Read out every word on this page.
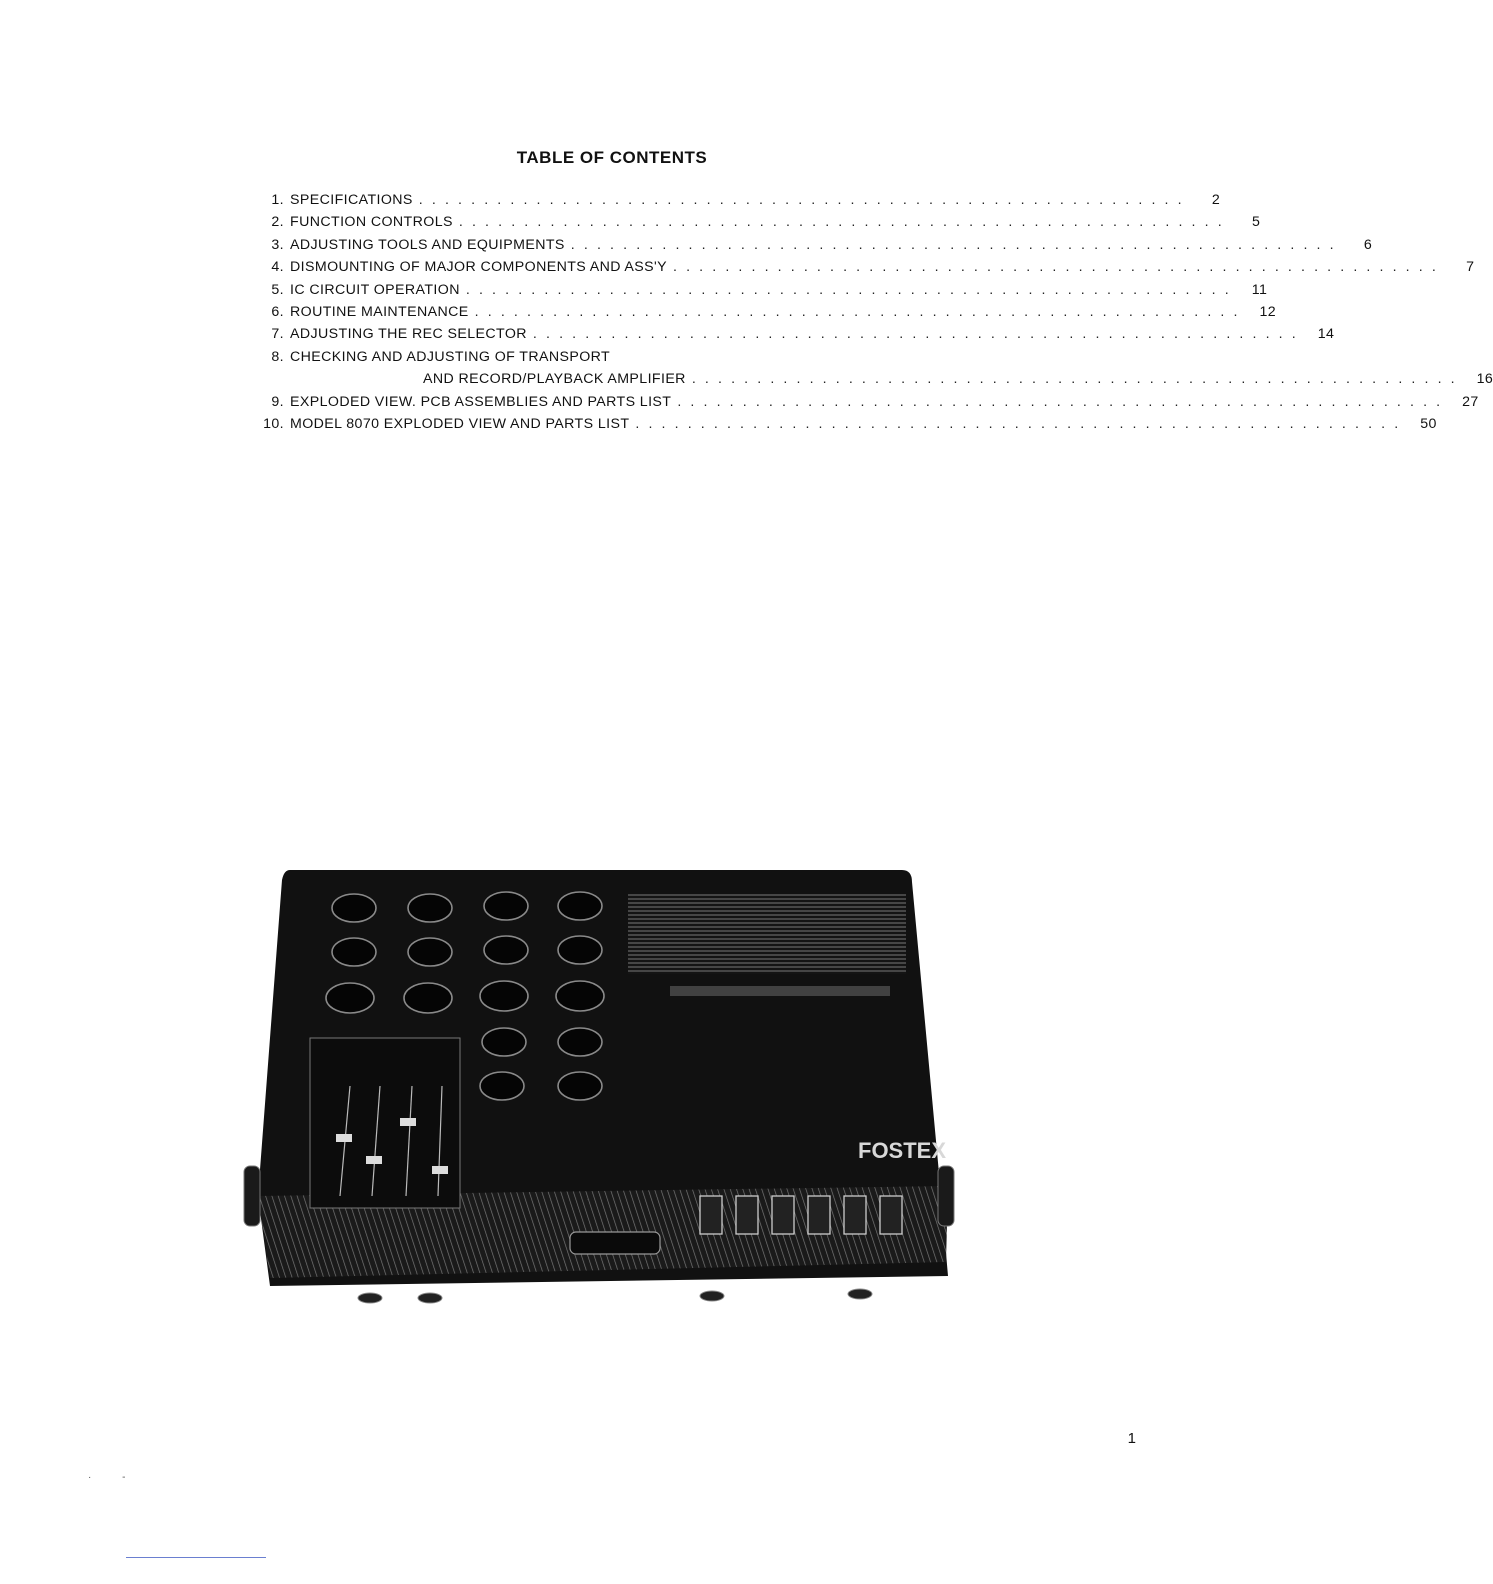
TABLE OF CONTENTS
1. SPECIFICATIONS . . . . . . . . . . . . . . . . . . . . . . . . . . . . . . . . . . . . . . . . . . . . . . . . . . . . . . . . . . .	2
2. FUNCTION CONTROLS . . . . . . . . . . . . . . . . . . . . . . . . . . . . . . . . . . . . . . . . . . . . . . . . . . . . . . . . . . .	5
3. ADJUSTING TOOLS AND EQUIPMENTS . . . . . . . . . . . . . . . . . . . . . . . . . . . . . . . . . . . . . . . . . . . . . . . . . . . . . . . . . . .	6
4. DISMOUNTING OF MAJOR COMPONENTS AND ASS'Y . . . . . . . . . . . . . . . . . . . . . . . . . . . . . . . . . . . . . . . . . . . . . . . . . . . . . . . . . . .	7
5. IC CIRCUIT OPERATION . . . . . . . . . . . . . . . . . . . . . . . . . . . . . . . . . . . . . . . . . . . . . . . . . . . . . . . . . . .	11
6. ROUTINE MAINTENANCE . . . . . . . . . . . . . . . . . . . . . . . . . . . . . . . . . . . . . . . . . . . . . . . . . . . . . . . . . . .	12
7. ADJUSTING THE REC SELECTOR . . . . . . . . . . . . . . . . . . . . . . . . . . . . . . . . . . . . . . . . . . . . . . . . . . . . . . . . . . .	14
8. CHECKING AND ADJUSTING OF TRANSPORT
AND RECORD/PLAYBACK AMPLIFIER . . . . . . . . . . . . . . . . . . . . . . . . . . . . . . . . . . . . . . . . . . . . . . . . . . . . . . . . . . .	16
9. EXPLODED VIEW. PCB ASSEMBLIES AND PARTS LIST . . . . . . . . . . . . . . . . . . . . . . . . . . . . . . . . . . . . . . . . . . . . . . . . . . . . . . . . . . .	27
10. MODEL 8070 EXPLODED VIEW AND PARTS LIST . . . . . . . . . . . . . . . . . . . . . . . . . . . . . . . . . . . . . . . . . . . . . . . . . . . . . . . . . . .	50
FOSTEX
1
· -
